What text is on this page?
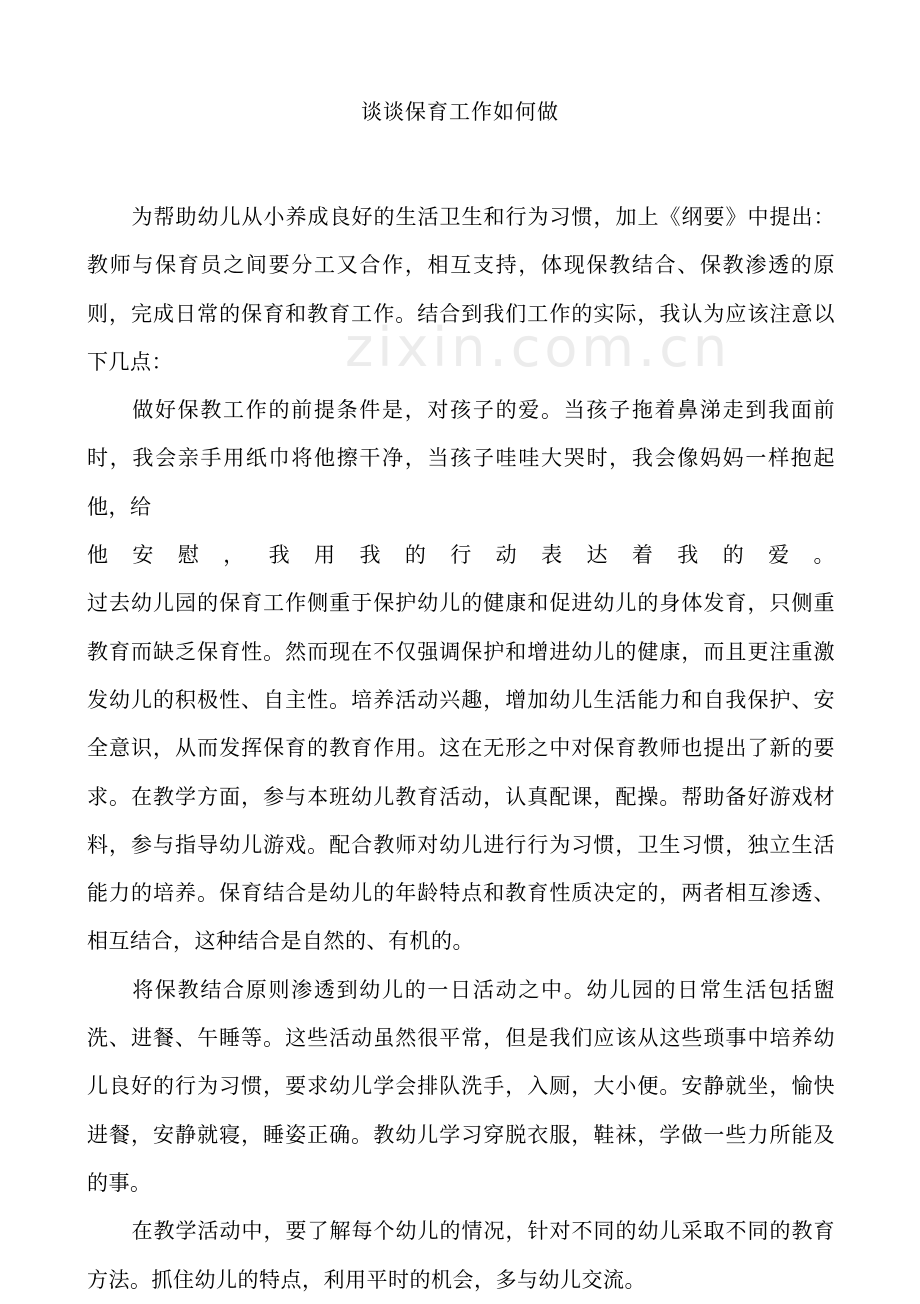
zixin.com.cn
谈谈保育工作如何做

为帮助幼儿从小养成良好的生活卫生和行为习惯，加上《纲要》中提出：教师与保育员之间要分工又合作，相互支持，体现保教结合、保教渗透的原则，完成日常的保育和教育工作。结合到我们工作的实际，我认为应该注意以下几点：

做好保教工作的前提条件是，对孩子的爱。当孩子拖着鼻涕走到我面前时，我会亲手用纸巾将他擦干净，当孩子哇哇大哭时，我会像妈妈一样抱起他，给

他 安 慰 ， 我 用 我 的 行 动 表 达 着 我 的 爱 。

过去幼儿园的保育工作侧重于保护幼儿的健康和促进幼儿的身体发育，只侧重教育而缺乏保育性。然而现在不仅强调保护和增进幼儿的健康，而且更注重激发幼儿的积极性、自主性。培养活动兴趣，增加幼儿生活能力和自我保护、安全意识，从而发挥保育的教育作用。这在无形之中对保育教师也提出了新的要求。在教学方面，参与本班幼儿教育活动，认真配课，配操。帮助备好游戏材料，参与指导幼儿游戏。配合教师对幼儿进行行为习惯，卫生习惯，独立生活能力的培养。保育结合是幼儿的年龄特点和教育性质决定的，两者相互渗透、相互结合，这种结合是自然的、有机的。

将保教结合原则渗透到幼儿的一日活动之中。幼儿园的日常生活包括盥洗、进餐、午睡等。这些活动虽然很平常，但是我们应该从这些琐事中培养幼儿良好的行为习惯，要求幼儿学会排队洗手，入厕，大小便。安静就坐，愉快进餐，安静就寝，睡姿正确。教幼儿学习穿脱衣服，鞋袜，学做一些力所能及的事。

在教学活动中，要了解每个幼儿的情况，针对不同的幼儿采取不同的教育方法。抓住幼儿的特点，利用平时的机会，多与幼儿交流。
